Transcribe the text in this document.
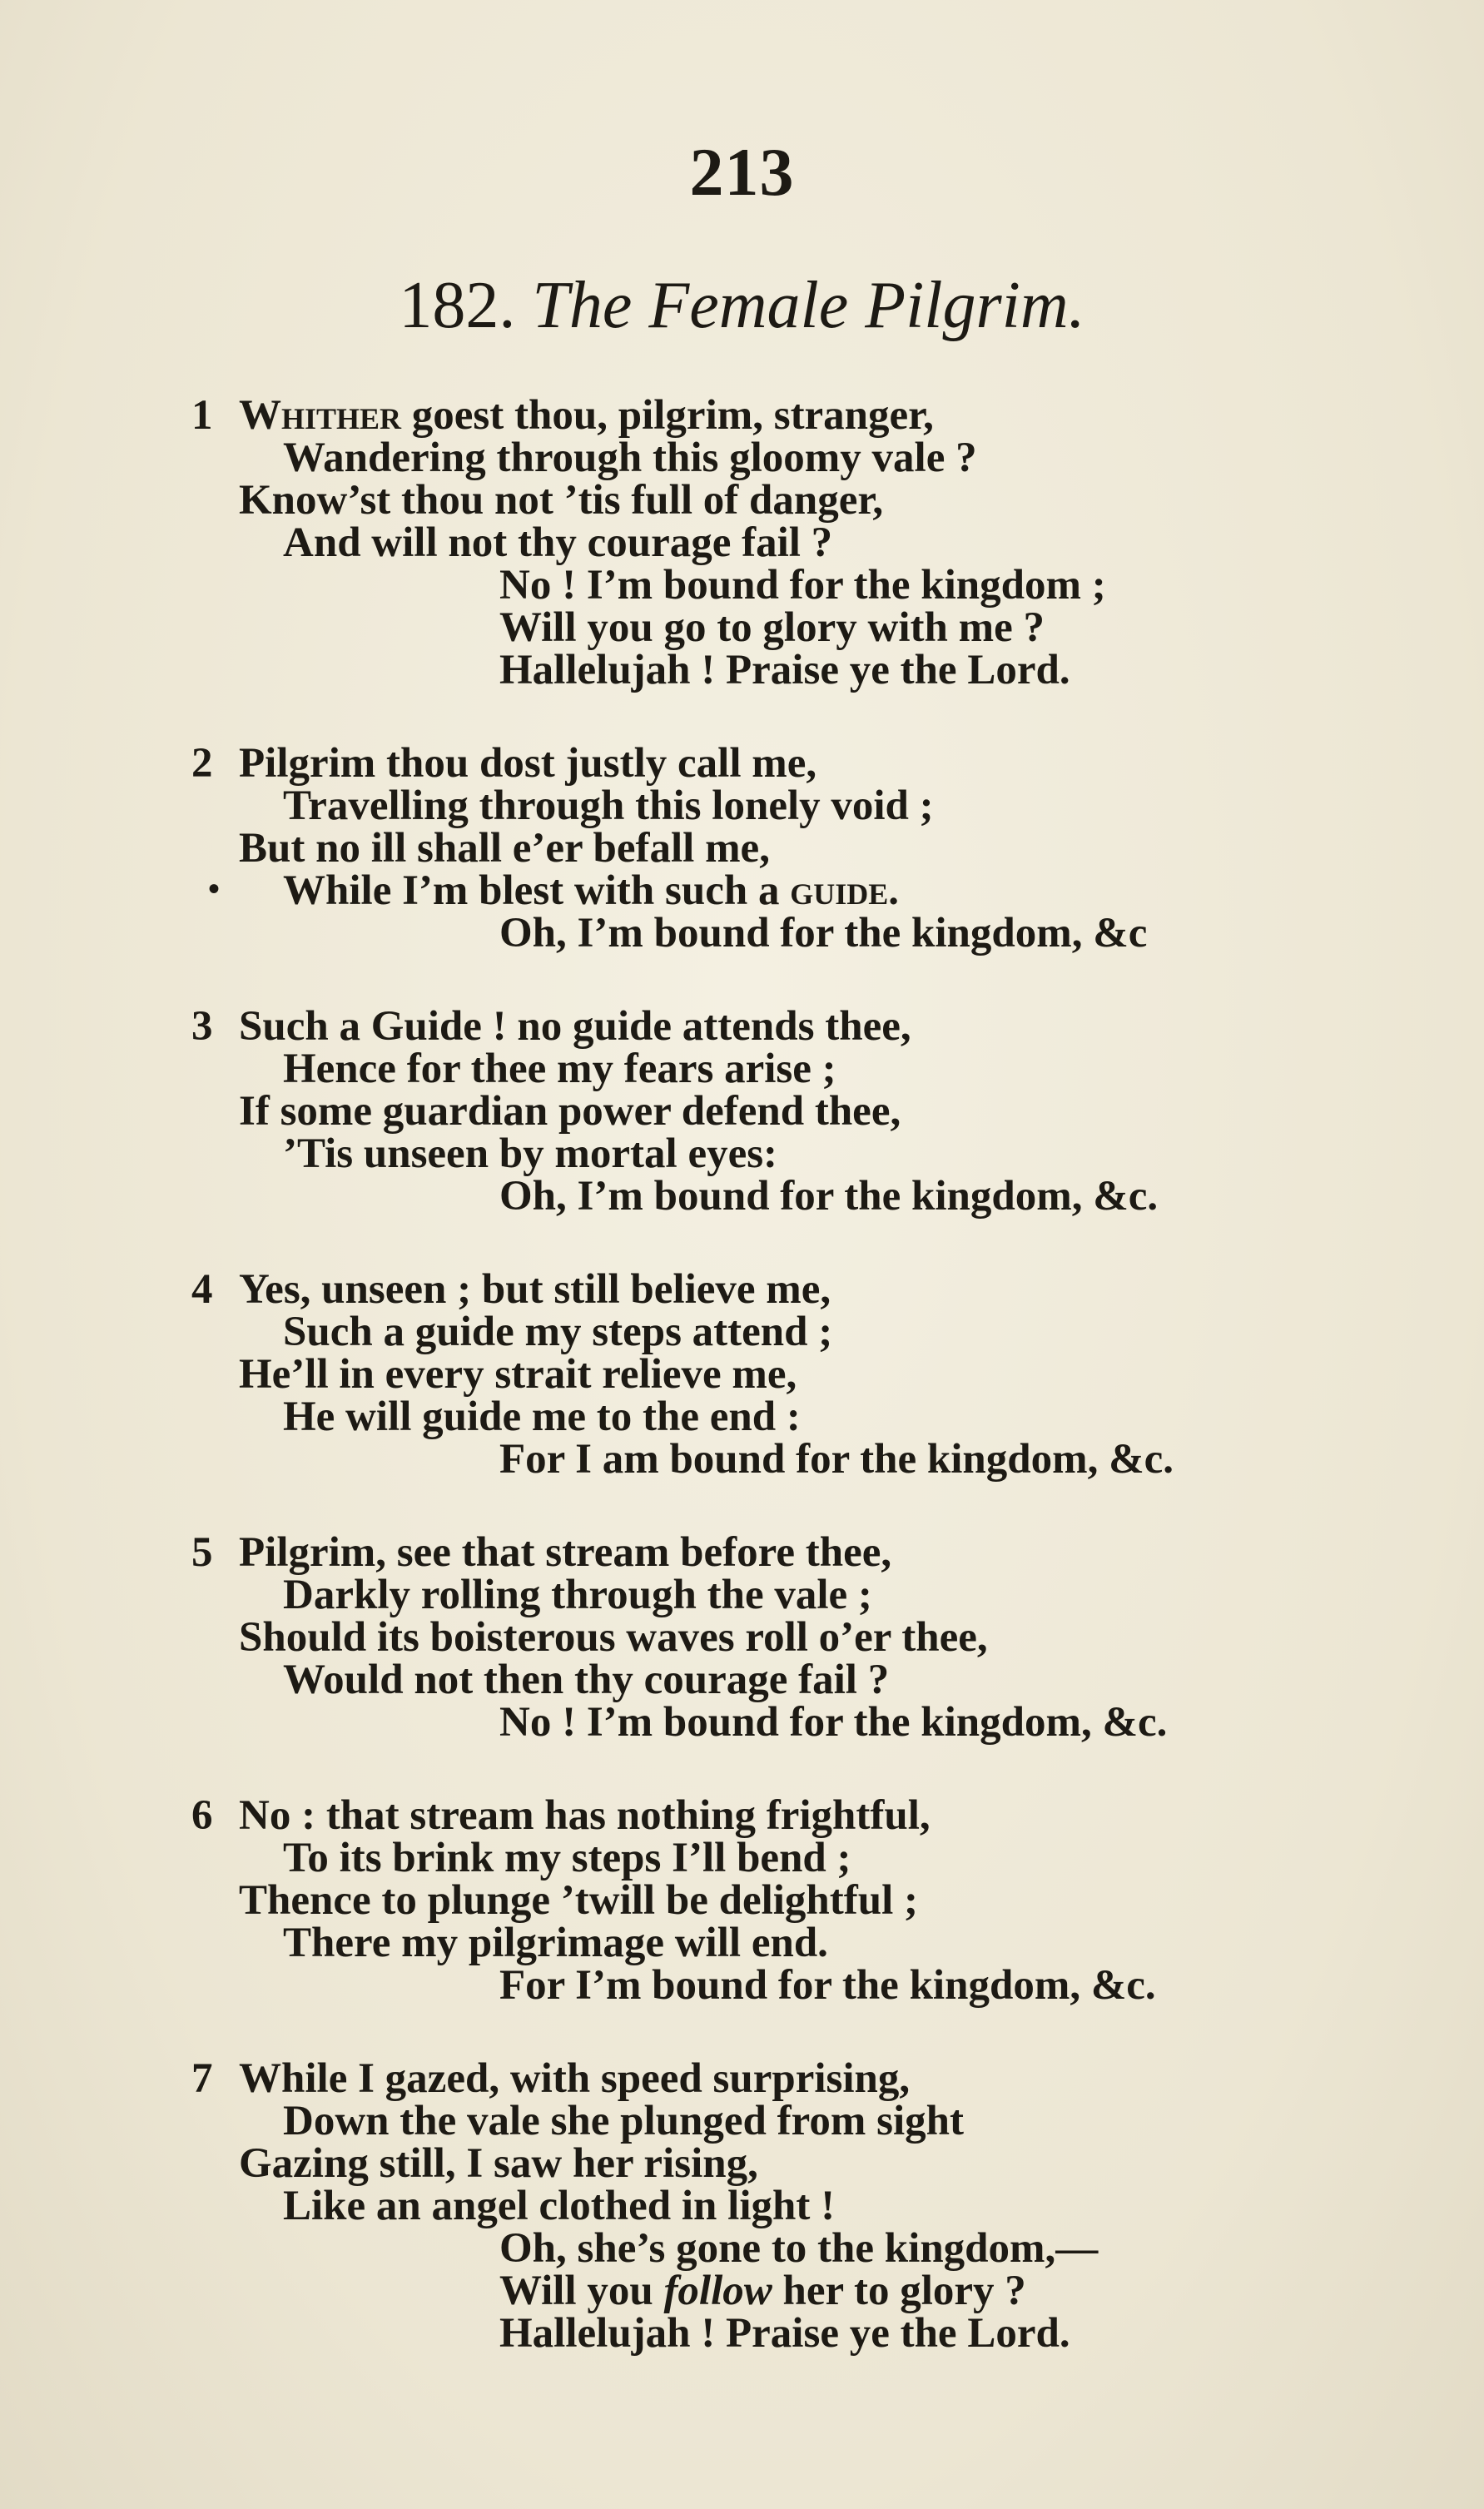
213
182. The Female Pilgrim.
1 Whither goest thou, pilgrim, stranger,
Wandering through this gloomy vale ?
Know’st thou not ’tis full of danger,
And will not thy courage fail ?
No ! I’m bound for the kingdom ;
Will you go to glory with me ?
Hallelujah ! Praise ye the Lord.
2 Pilgrim thou dost justly call me,
Travelling through this lonely void ;
But no ill shall e’er befall me,
• While I’m blest with such a guide.
Oh, I’m bound for the kingdom, &c
3 Such a Guide ! no guide attends thee,
Hence for thee my fears arise ;
If some guardian power defend thee,
’Tis unseen by mortal eyes:
Oh, I’m bound for the kingdom, &c.
4 Yes, unseen ; but still believe me,
Such a guide my steps attend ;
He’ll in every strait relieve me,
He will guide me to the end :
For I am bound for the kingdom, &c.
5 Pilgrim, see that stream before thee,
Darkly rolling through the vale ;
Should its boisterous waves roll o’er thee,
Would not then thy courage fail ?
No ! I’m bound for the kingdom, &c.
6 No : that stream has nothing frightful,
To its brink my steps I’ll bend ;
Thence to plunge ’twill be delightful ;
There my pilgrimage will end.
For I’m bound for the kingdom, &c.
7 While I gazed, with speed surprising,
Down the vale she plunged from sight
Gazing still, I saw her rising,
Like an angel clothed in light !
Oh, she’s gone to the kingdom,—
Will you follow her to glory ?
Hallelujah ! Praise ye the Lord.
